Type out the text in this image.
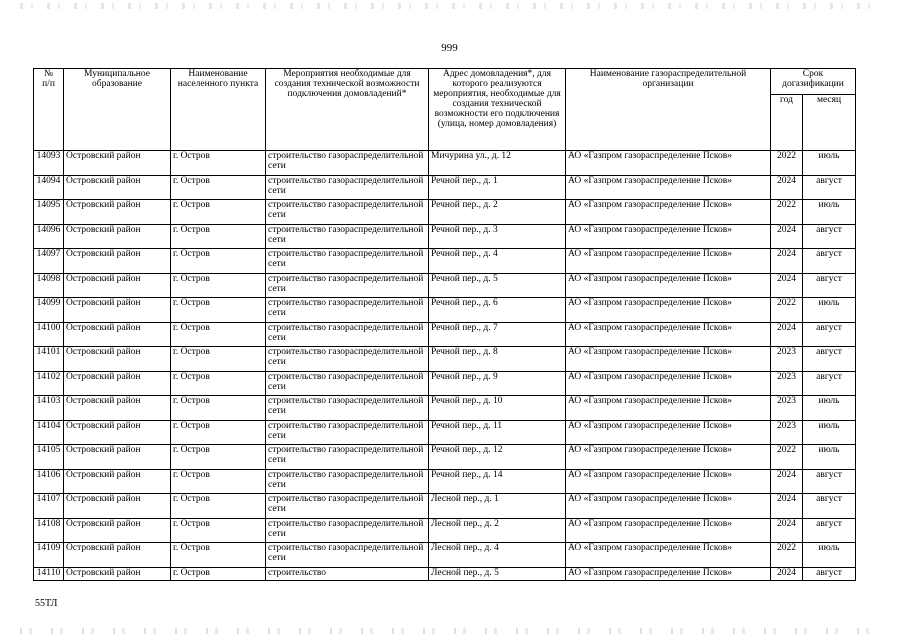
999
№
п/п	Муниципальное образование	Наименование населенного пункта	Мероприятия необходимые для создания технической возможности подключения домовладений*	Адрес домовладения*, для которого реализуются мероприятия, необходимые для создания технической возможности его подключения (улица, номер домовладения)	Наименование газораспределительной организации	Срок догазификации	
						год	месяц
14093	Островский район	г. Остров	строительство газораспределительной сети	Мичурина ул., д. 12	АО «Газпром газораспределение Псков»	2022	июль
14094	Островский район	г. Остров	строительство газораспределительной сети	Речной пер., д. 1	АО «Газпром газораспределение Псков»	2024	август
14095	Островский район	г. Остров	строительство газораспределительной сети	Речной пер., д. 2	АО «Газпром газораспределение Псков»	2022	июль
14096	Островский район	г. Остров	строительство газораспределительной сети	Речной пер., д. 3	АО «Газпром газораспределение Псков»	2024	август
14097	Островский район	г. Остров	строительство газораспределительной сети	Речной пер., д. 4	АО «Газпром газораспределение Псков»	2024	август
14098	Островский район	г. Остров	строительство газораспределительной сети	Речной пер., д. 5	АО «Газпром газораспределение Псков»	2024	август
14099	Островский район	г. Остров	строительство газораспределительной сети	Речной пер., д. 6	АО «Газпром газораспределение Псков»	2022	июль
14100	Островский район	г. Остров	строительство газораспределительной сети	Речной пер., д. 7	АО «Газпром газораспределение Псков»	2024	август
14101	Островский район	г. Остров	строительство газораспределительной сети	Речной пер., д. 8	АО «Газпром газораспределение Псков»	2023	август
14102	Островский район	г. Остров	строительство газораспределительной сети	Речной пер., д. 9	АО «Газпром газораспределение Псков»	2023	август
14103	Островский район	г. Остров	строительство газораспределительной сети	Речной пер., д. 10	АО «Газпром газораспределение Псков»	2023	июль
14104	Островский район	г. Остров	строительство газораспределительной сети	Речной пер., д. 11	АО «Газпром газораспределение Псков»	2023	июль
14105	Островский район	г. Остров	строительство газораспределительной сети	Речной пер., д. 12	АО «Газпром газораспределение Псков»	2022	июль
14106	Островский район	г. Остров	строительство газораспределительной сети	Речной пер., д. 14	АО «Газпром газораспределение Псков»	2024	август
14107	Островский район	г. Остров	строительство газораспределительной сети	Лесной пер., д. 1	АО «Газпром газораспределение Псков»	2024	август
14108	Островский район	г. Остров	строительство газораспределительной сети	Лесной пер., д. 2	АО «Газпром газораспределение Псков»	2024	август
14109	Островский район	г. Остров	строительство газораспределительной сети	Лесной пер., д. 4	АО «Газпром газораспределение Псков»	2022	июль
14110	Островский район	г. Остров	строительство	Лесной пер., д. 5	АО «Газпром газораспределение Псков»	2024	август
55ТЛ
